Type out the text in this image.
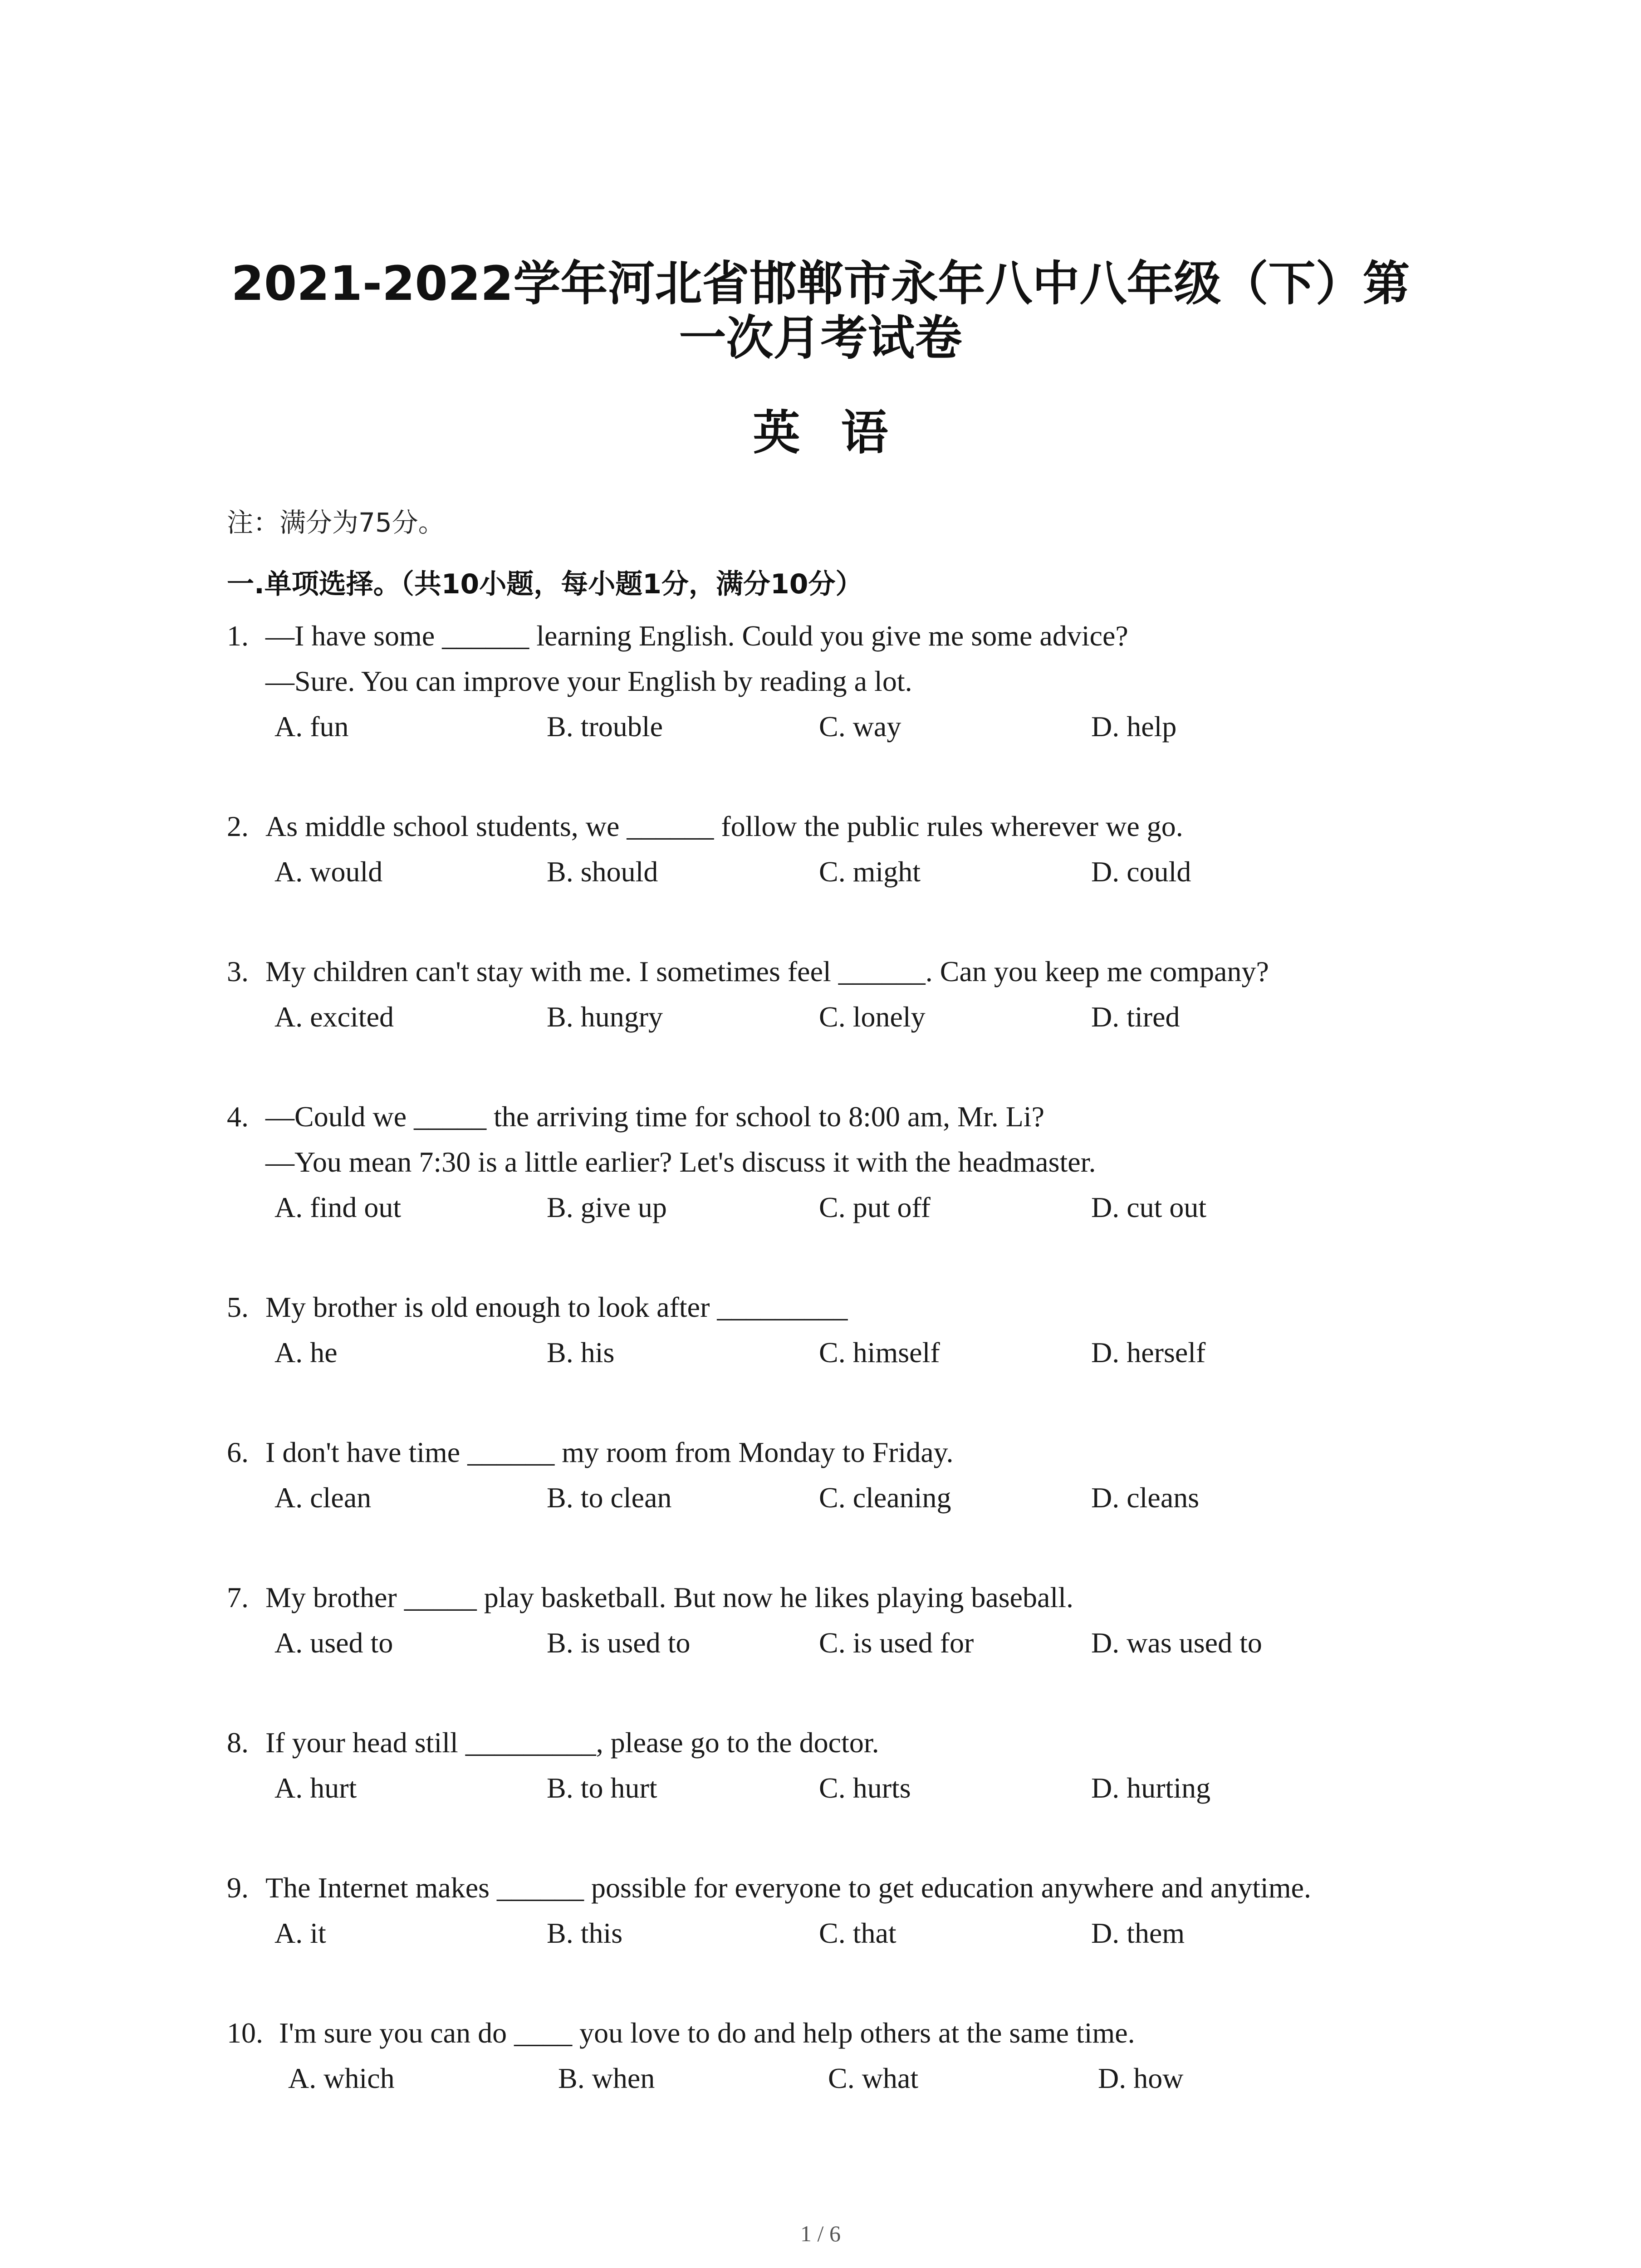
2021-2022学年河北省邯郸市永年八中八年级（下）第
一次月考试卷
英语
注：满分为75分。
一.单项选择。（共10小题，每小题1分，满分10分）
1. —I have some ______ learning English. Could you give me some advice?
—Sure. You can improve your English by reading a lot.
A. fun	B. trouble	C. way	D. help
2. As middle school students, we ______ follow the public rules wherever we go.
A. would	B. should	C. might	D. could
3. My children can't stay with me. I sometimes feel ______. Can you keep me company?
A. excited	B. hungry	C. lonely	D. tired
4. —Could we _____ the arriving time for school to 8:00 am, Mr. Li?
—You mean 7:30 is a little earlier? Let's discuss it with the headmaster.
A. find out	B. give up	C. put off	D. cut out
5. My brother is old enough to look after _________
A. he	B. his	C. himself	D. herself
6. I don't have time ______ my room from Monday to Friday.
A. clean	B. to clean	C. cleaning	D. cleans
7. My brother _____ play basketball. But now he likes playing baseball.
A. used to	B. is used to	C. is used for	D. was used to
8. If your head still _________, please go to the doctor.
A. hurt	B. to hurt	C. hurts	D. hurting
9. The Internet makes ______ possible for everyone to get education anywhere and anytime.
A. it	B. this	C. that	D. them
10. I'm sure you can do ____ you love to do and help others at the same time.
A. which	B. when	C. what	D. how
1 / 6
